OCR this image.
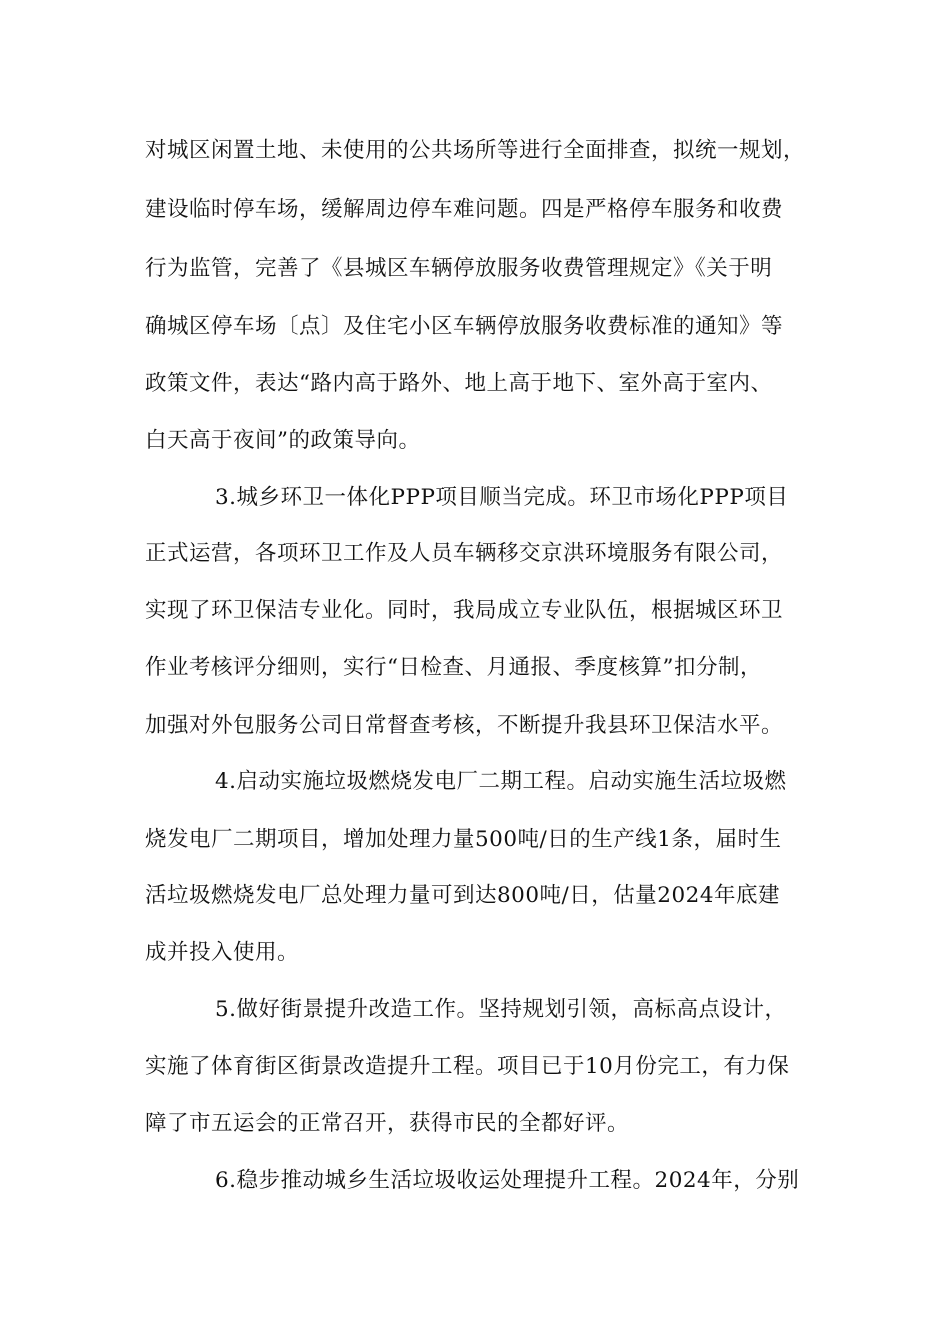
对城区闲置土地、未使用的公共场所等进行全面排查，拟统一规划，
建设临时停车场，缓解周边停车难问题。四是严格停车服务和收费
行为监管，完善了《县城区车辆停放服务收费管理规定》《关于明
确城区停车场〔点〕及住宅小区车辆停放服务收费标准的通知》等
政策文件，表达“路内高于路外、地上高于地下、室外高于室内、
白天高于夜间”的政策导向。
3.城乡环卫一体化PPP项目顺当完成。环卫市场化PPP项目
正式运营，各项环卫工作及人员车辆移交京洪环境服务有限公司，
实现了环卫保洁专业化。同时，我局成立专业队伍，根据城区环卫
作业考核评分细则，实行“日检查、月通报、季度核算”扣分制，
加强对外包服务公司日常督查考核，不断提升我县环卫保洁水平。
4.启动实施垃圾燃烧发电厂二期工程。启动实施生活垃圾燃
烧发电厂二期项目，增加处理力量500吨/日的生产线1条，届时生
活垃圾燃烧发电厂总处理力量可到达800吨/日，估量2024年底建
成并投入使用。
5.做好街景提升改造工作。坚持规划引领，高标高点设计，
实施了体育街区街景改造提升工程。项目已于10月份完工，有力保
障了市五运会的正常召开，获得市民的全都好评。
6.稳步推动城乡生活垃圾收运处理提升工程。2024年，分别
